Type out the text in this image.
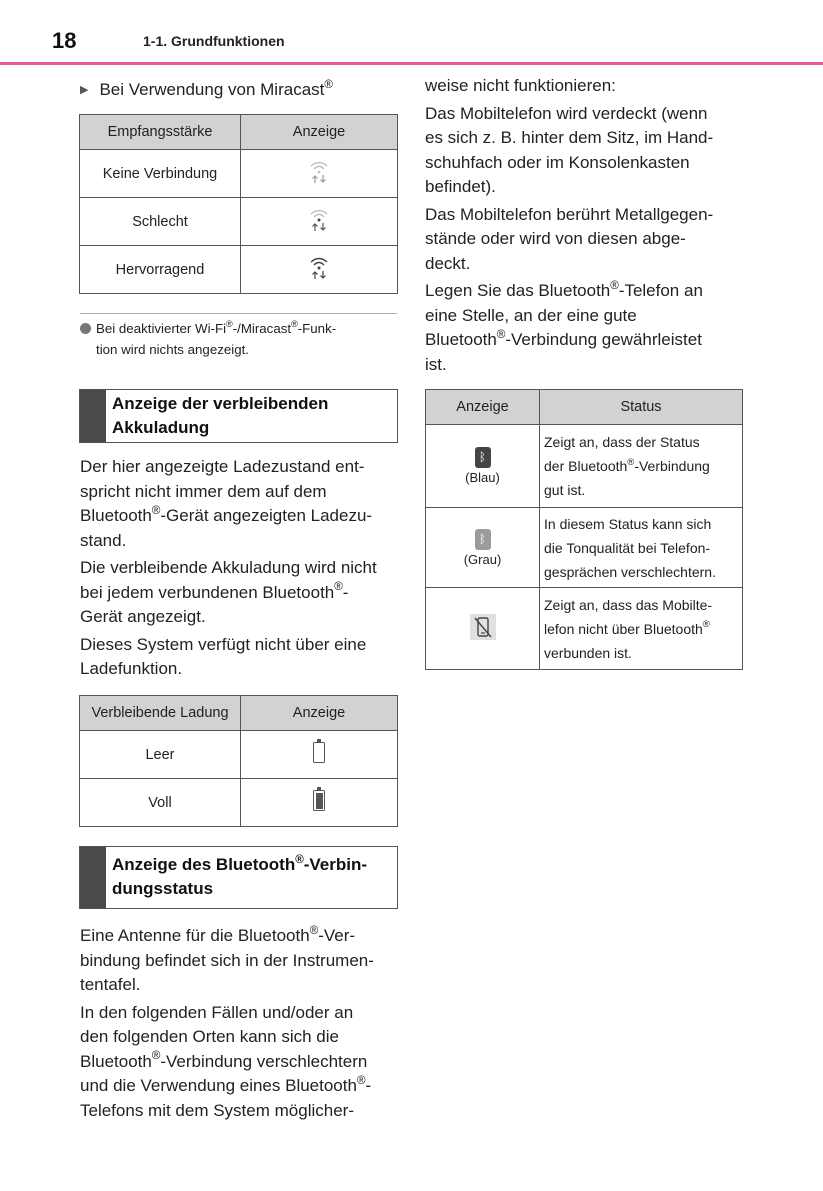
18	1-1. Grundfunktionen
▶ Bei Verwendung von Miracast®
Empfangsstärke	Anzeige
Keine Verbindung	
Schlecht	
Hervorragend	
Bei deaktivierter Wi-Fi®-/Miracast®-Funk-
tion wird nichts angezeigt.
Anzeige der verbleibenden
Akkuladung

Der hier angezeigte Ladezustand ent-
spricht nicht immer dem auf dem
Bluetooth®-Gerät angezeigten Ladezu-
stand.

Die verbleibende Akkuladung wird nicht
bei jedem verbundenen Bluetooth®-
Gerät angezeigt.

Dieses System verfügt nicht über eine
Ladefunktion.

Verbleibende Ladung	Anzeige
Leer	
Voll	
Anzeige des Bluetooth®-Verbin-
dungsstatus

Eine Antenne für die Bluetooth®-Ver-
bindung befindet sich in der Instrumen-
tentafel.

In den folgenden Fällen und/oder an
den folgenden Orten kann sich die
Bluetooth®-Verbindung verschlechtern
und die Verwendung eines Bluetooth®-
Telefons mit dem System möglicher-

weise nicht funktionieren:

Das Mobiltelefon wird verdeckt (wenn
es sich z. B. hinter dem Sitz, im Hand-
schuhfach oder im Konsolenkasten
befindet).

Das Mobiltelefon berührt Metallgegen-
stände oder wird von diesen abge-
deckt.

Legen Sie das Bluetooth®-Telefon an
eine Stelle, an der eine gute
Bluetooth®-Verbindung gewährleistet
ist.

Anzeige	Status
ᛒ
(Blau)	Zeigt an, dass der Status
der Bluetooth®-Verbindung
gut ist.
ᛒ
(Grau)	In diesem Status kann sich
die Tonqualität bei Telefon-
gesprächen verschlechtern.
	Zeigt an, dass das Mobilte-
lefon nicht über Bluetooth®
verbunden ist.
